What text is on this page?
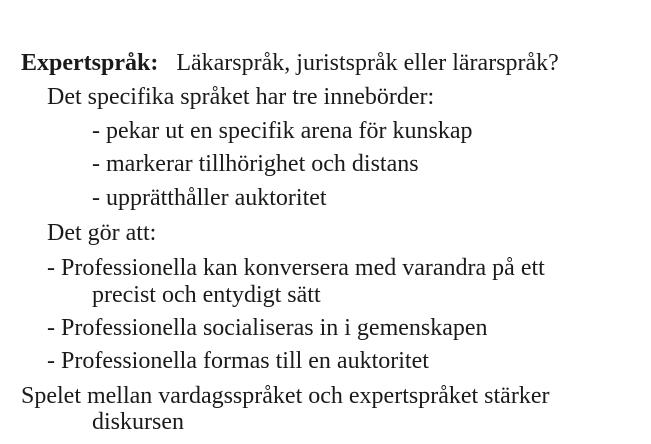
Expertspråk: Läkarspråk, juristspråk eller lärarspråk?
Det specifika språket har tre innebörder:
- pekar ut en specifik arena för kunskap
- markerar tillhörighet och distans
- upprätthåller auktoritet
Det gör att:
- Professionella kan konversera med varandra på ett
precist och entydigt sätt
- Professionella socialiseras in i gemenskapen
- Professionella formas till en auktoritet
Spelet mellan vardagsspråket och expertspråket stärker
diskursen
